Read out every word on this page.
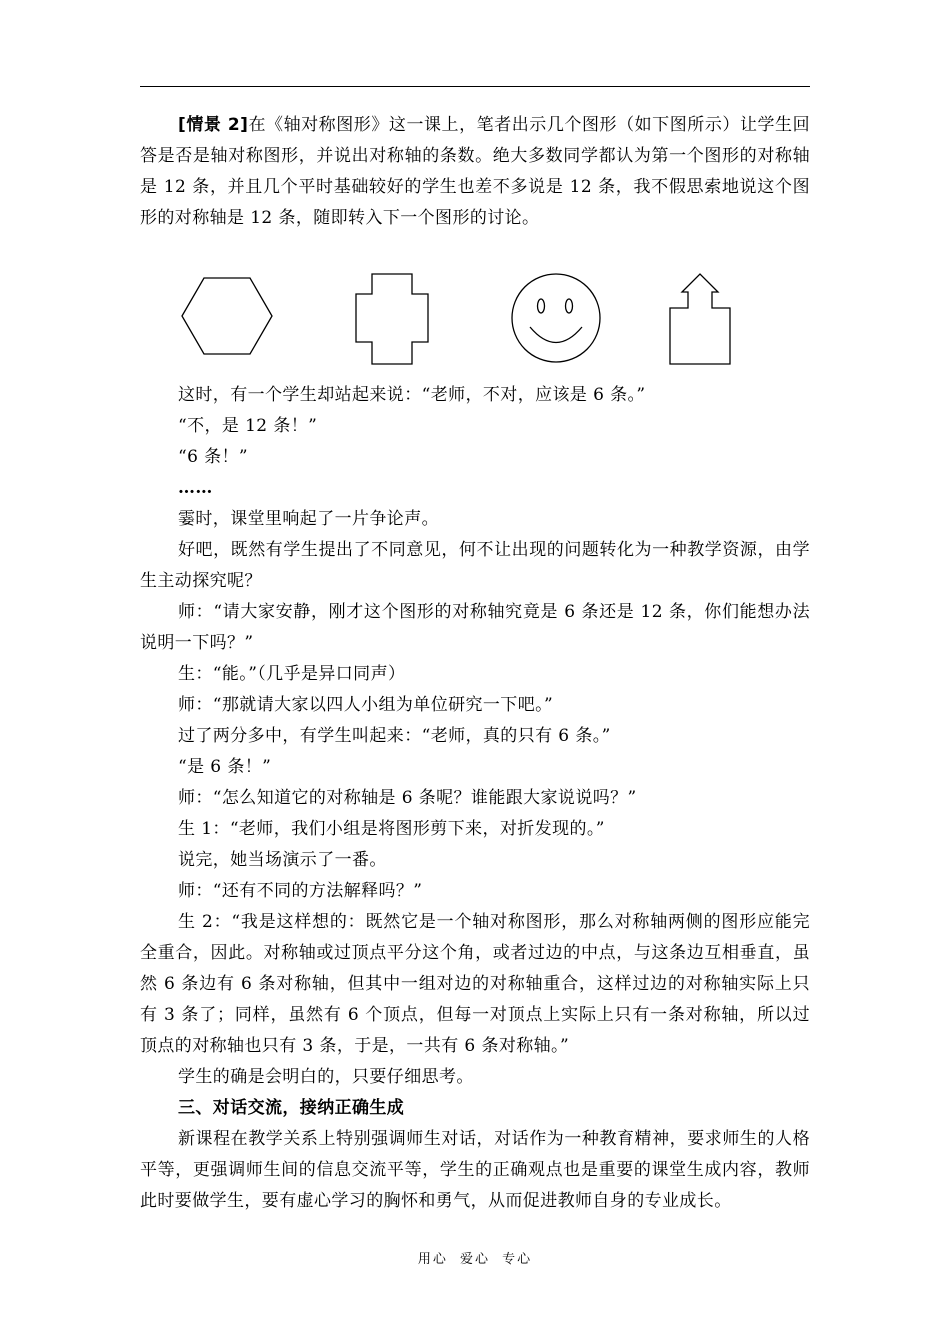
[情景 2]在《轴对称图形》这一课上，笔者出示几个图形（如下图所示）让学生回答是否是轴对称图形，并说出对称轴的条数。绝大多数同学都认为第一个图形的对称轴是 12 条，并且几个平时基础较好的学生也差不多说是 12 条，我不假思索地说这个图形的对称轴是 12 条，随即转入下一个图形的讨论。

这时，有一个学生却站起来说：“老师，不对，应该是 6 条。”

“不，是 12 条！”

“6 条！”

……

霎时，课堂里响起了一片争论声。

好吧，既然有学生提出了不同意见，何不让出现的问题转化为一种教学资源，由学生主动探究呢？

师：“请大家安静，刚才这个图形的对称轴究竟是 6 条还是 12 条，你们能想办法说明一下吗？”

生：“能。”（几乎是异口同声）

师：“那就请大家以四人小组为单位研究一下吧。”

过了两分多中，有学生叫起来：“老师，真的只有 6 条。”

“是 6 条！”

师：“怎么知道它的对称轴是 6 条呢？谁能跟大家说说吗？”

生 1：“老师，我们小组是将图形剪下来，对折发现的。”

说完，她当场演示了一番。

师：“还有不同的方法解释吗？”

生 2：“我是这样想的：既然它是一个轴对称图形，那么对称轴两侧的图形应能完全重合，因此。对称轴或过顶点平分这个角，或者过边的中点，与这条边互相垂直，虽然 6 条边有 6 条对称轴，但其中一组对边的对称轴重合，这样过边的对称轴实际上只有 3 条了；同样，虽然有 6 个顶点，但每一对顶点上实际上只有一条对称轴，所以过顶点的对称轴也只有 3 条，于是，一共有 6 条对称轴。”

学生的确是会明白的，只要仔细思考。

三、对话交流，接纳正确生成

新课程在教学关系上特别强调师生对话，对话作为一种教育精神，要求师生的人格平等，更强调师生间的信息交流平等，学生的正确观点也是重要的课堂生成内容，教师此时要做学生，要有虚心学习的胸怀和勇气，从而促进教师自身的专业成长。

用心 爱心 专心
